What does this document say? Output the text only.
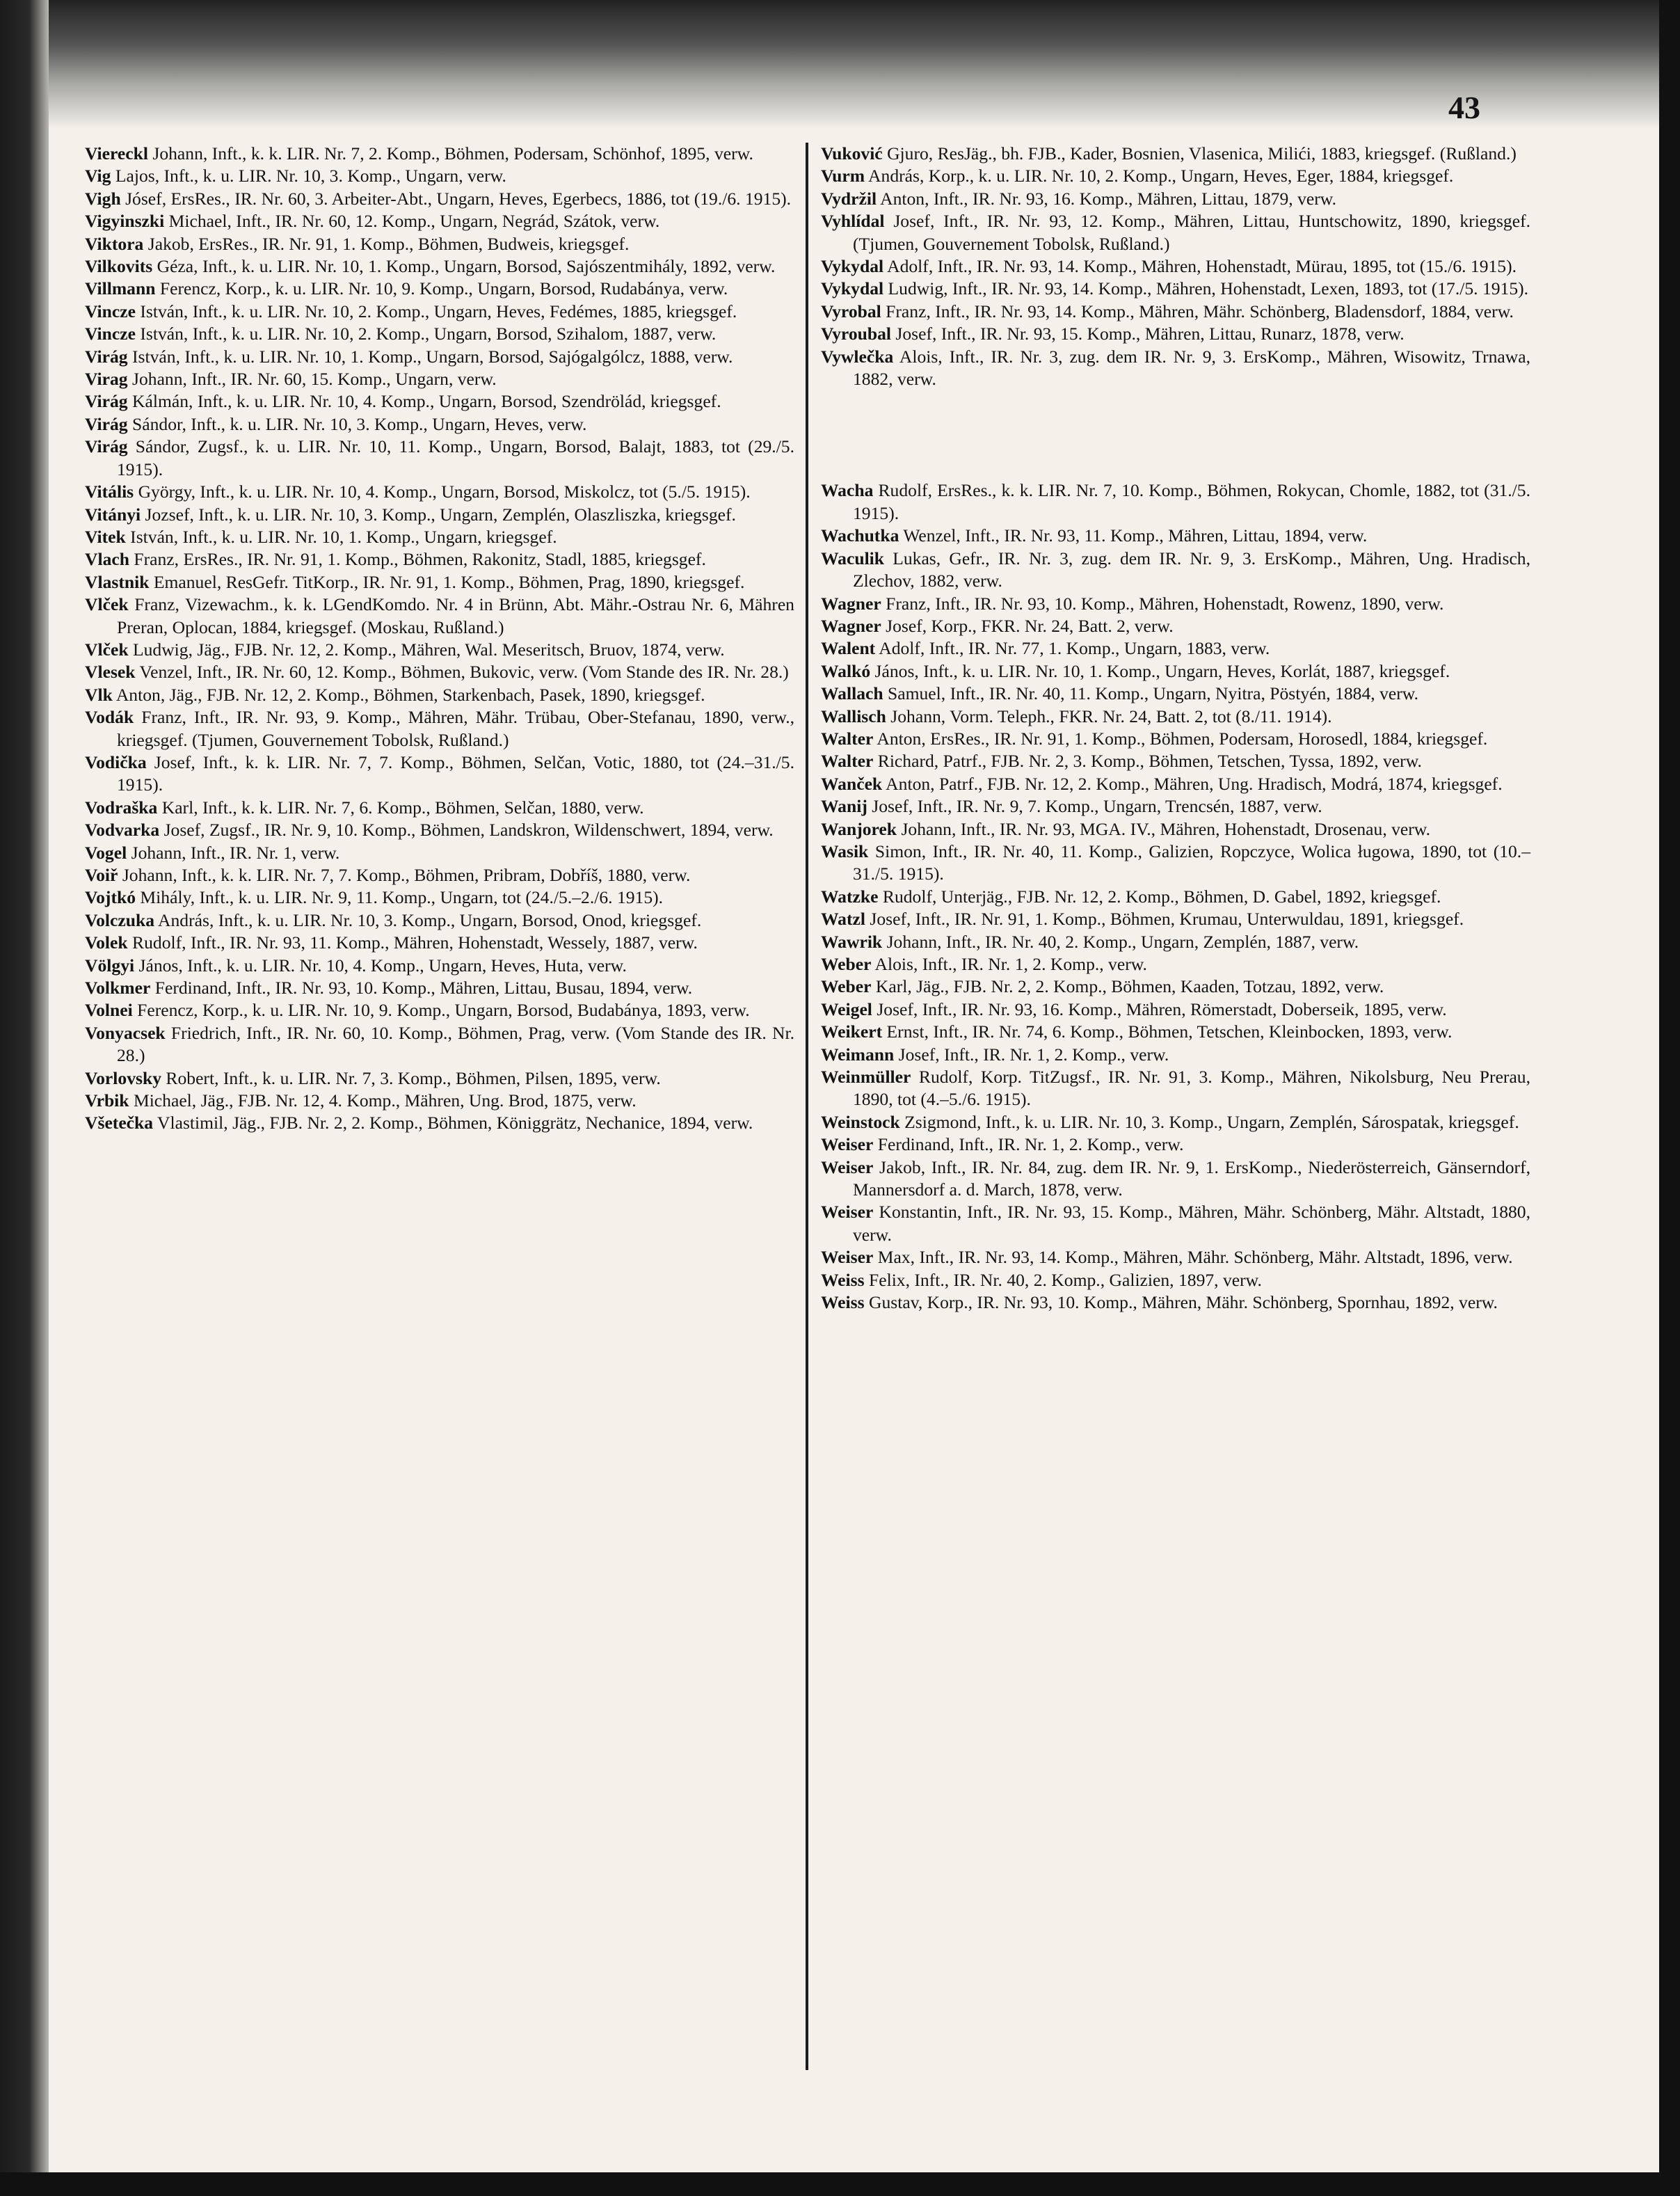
43

Viereckl Johann, Inft., k. k. LIR. Nr. 7, 2. Komp., Böhmen, Podersam, Schönhof, 1895, verw.

Vig Lajos, Inft., k. u. LIR. Nr. 10, 3. Komp., Ungarn, verw.

Vigh Jósef, ErsRes., IR. Nr. 60, 3. Arbeiter-Abt., Ungarn, Heves, Egerbecs, 1886, tot (19./6. 1915).

Vigyinszki Michael, Inft., IR. Nr. 60, 12. Komp., Ungarn, Negrád, Szátok, verw.

Viktora Jakob, ErsRes., IR. Nr. 91, 1. Komp., Böhmen, Budweis, kriegsgef.

Vilkovits Géza, Inft., k. u. LIR. Nr. 10, 1. Komp., Ungarn, Borsod, Sajószentmihály, 1892, verw.

Villmann Ferencz, Korp., k. u. LIR. Nr. 10, 9. Komp., Ungarn, Borsod, Rudabánya, verw.

Vincze István, Inft., k. u. LIR. Nr. 10, 2. Komp., Ungarn, Heves, Fedémes, 1885, kriegsgef.

Vincze István, Inft., k. u. LIR. Nr. 10, 2. Komp., Ungarn, Borsod, Szihalom, 1887, verw.

Virág István, Inft., k. u. LIR. Nr. 10, 1. Komp., Ungarn, Borsod, Sajógalgólcz, 1888, verw.

Virag Johann, Inft., IR. Nr. 60, 15. Komp., Ungarn, verw.

Virág Kálmán, Inft., k. u. LIR. Nr. 10, 4. Komp., Ungarn, Borsod, Szendrölád, kriegsgef.

Virág Sándor, Inft., k. u. LIR. Nr. 10, 3. Komp., Ungarn, Heves, verw.

Virág Sándor, Zugsf., k. u. LIR. Nr. 10, 11. Komp., Ungarn, Borsod, Balajt, 1883, tot (29./5. 1915).

Vitális György, Inft., k. u. LIR. Nr. 10, 4. Komp., Ungarn, Borsod, Miskolcz, tot (5./5. 1915).

Vitányi Jozsef, Inft., k. u. LIR. Nr. 10, 3. Komp., Ungarn, Zemplén, Olaszliszka, kriegsgef.

Vitek István, Inft., k. u. LIR. Nr. 10, 1. Komp., Ungarn, kriegsgef.

Vlach Franz, ErsRes., IR. Nr. 91, 1. Komp., Böhmen, Rakonitz, Stadl, 1885, kriegsgef.

Vlastnik Emanuel, ResGefr. TitKorp., IR. Nr. 91, 1. Komp., Böhmen, Prag, 1890, kriegsgef.

Vlček Franz, Vizewachm., k. k. LGendKomdo. Nr. 4 in Brünn, Abt. Mähr.-Ostrau Nr. 6, Mähren Preran, Oplocan, 1884, kriegsgef. (Moskau, Rußland.)

Vlček Ludwig, Jäg., FJB. Nr. 12, 2. Komp., Mähren, Wal. Meseritsch, Bruov, 1874, verw.

Vlesek Venzel, Inft., IR. Nr. 60, 12. Komp., Böhmen, Bukovic, verw. (Vom Stande des IR. Nr. 28.)

Vlk Anton, Jäg., FJB. Nr. 12, 2. Komp., Böhmen, Starkenbach, Pasek, 1890, kriegsgef.

Vodák Franz, Inft., IR. Nr. 93, 9. Komp., Mähren, Mähr. Trübau, Ober-Stefanau, 1890, verw., kriegsgef. (Tjumen, Gouvernement Tobolsk, Rußland.)

Vodička Josef, Inft., k. k. LIR. Nr. 7, 7. Komp., Böhmen, Selčan, Votic, 1880, tot (24.–31./5. 1915).

Vodraška Karl, Inft., k. k. LIR. Nr. 7, 6. Komp., Böhmen, Selčan, 1880, verw.

Vodvarka Josef, Zugsf., IR. Nr. 9, 10. Komp., Böhmen, Landskron, Wildenschwert, 1894, verw.

Vogel Johann, Inft., IR. Nr. 1, verw.

Voiř Johann, Inft., k. k. LIR. Nr. 7, 7. Komp., Böhmen, Pribram, Dobříš, 1880, verw.

Vojtkó Mihály, Inft., k. u. LIR. Nr. 9, 11. Komp., Ungarn, tot (24./5.–2./6. 1915).

Volczuka András, Inft., k. u. LIR. Nr. 10, 3. Komp., Ungarn, Borsod, Onod, kriegsgef.

Volek Rudolf, Inft., IR. Nr. 93, 11. Komp., Mähren, Hohenstadt, Wessely, 1887, verw.

Völgyi János, Inft., k. u. LIR. Nr. 10, 4. Komp., Ungarn, Heves, Huta, verw.

Volkmer Ferdinand, Inft., IR. Nr. 93, 10. Komp., Mähren, Littau, Busau, 1894, verw.

Volnei Ferencz, Korp., k. u. LIR. Nr. 10, 9. Komp., Ungarn, Borsod, Budabánya, 1893, verw.

Vonyacsek Friedrich, Inft., IR. Nr. 60, 10. Komp., Böhmen, Prag, verw. (Vom Stande des IR. Nr. 28.)

Vorlovsky Robert, Inft., k. u. LIR. Nr. 7, 3. Komp., Böhmen, Pilsen, 1895, verw.

Vrbik Michael, Jäg., FJB. Nr. 12, 4. Komp., Mähren, Ung. Brod, 1875, verw.

Všetečka Vlastimil, Jäg., FJB. Nr. 2, 2. Komp., Böhmen, Königgrätz, Nechanice, 1894, verw.

Vuković Gjuro, ResJäg., bh. FJB., Kader, Bosnien, Vlasenica, Milići, 1883, kriegsgef. (Rußland.)

Vurm András, Korp., k. u. LIR. Nr. 10, 2. Komp., Ungarn, Heves, Eger, 1884, kriegsgef.

Vydržil Anton, Inft., IR. Nr. 93, 16. Komp., Mähren, Littau, 1879, verw.

Vyhlídal Josef, Inft., IR. Nr. 93, 12. Komp., Mähren, Littau, Huntschowitz, 1890, kriegsgef. (Tjumen, Gouvernement Tobolsk, Rußland.)

Vykydal Adolf, Inft., IR. Nr. 93, 14. Komp., Mähren, Hohenstadt, Mürau, 1895, tot (15./6. 1915).

Vykydal Ludwig, Inft., IR. Nr. 93, 14. Komp., Mähren, Hohenstadt, Lexen, 1893, tot (17./5. 1915).

Vyrobal Franz, Inft., IR. Nr. 93, 14. Komp., Mähren, Mähr. Schönberg, Bladensdorf, 1884, verw.

Vyroubal Josef, Inft., IR. Nr. 93, 15. Komp., Mähren, Littau, Runarz, 1878, verw.

Vywlečka Alois, Inft., IR. Nr. 3, zug. dem IR. Nr. 9, 3. ErsKomp., Mähren, Wisowitz, Trnawa, 1882, verw.

Wacha Rudolf, ErsRes., k. k. LIR. Nr. 7, 10. Komp., Böhmen, Rokycan, Chomle, 1882, tot (31./5. 1915).

Wachutka Wenzel, Inft., IR. Nr. 93, 11. Komp., Mähren, Littau, 1894, verw.

Waculik Lukas, Gefr., IR. Nr. 3, zug. dem IR. Nr. 9, 3. ErsKomp., Mähren, Ung. Hradisch, Zlechov, 1882, verw.

Wagner Franz, Inft., IR. Nr. 93, 10. Komp., Mähren, Hohenstadt, Rowenz, 1890, verw.

Wagner Josef, Korp., FKR. Nr. 24, Batt. 2, verw.

Walent Adolf, Inft., IR. Nr. 77, 1. Komp., Ungarn, 1883, verw.

Walkó János, Inft., k. u. LIR. Nr. 10, 1. Komp., Ungarn, Heves, Korlát, 1887, kriegsgef.

Wallach Samuel, Inft., IR. Nr. 40, 11. Komp., Ungarn, Nyitra, Pöstyén, 1884, verw.

Wallisch Johann, Vorm. Teleph., FKR. Nr. 24, Batt. 2, tot (8./11. 1914).

Walter Anton, ErsRes., IR. Nr. 91, 1. Komp., Böhmen, Podersam, Horosedl, 1884, kriegsgef.

Walter Richard, Patrf., FJB. Nr. 2, 3. Komp., Böhmen, Tetschen, Tyssa, 1892, verw.

Wanček Anton, Patrf., FJB. Nr. 12, 2. Komp., Mähren, Ung. Hradisch, Modrá, 1874, kriegsgef.

Wanij Josef, Inft., IR. Nr. 9, 7. Komp., Ungarn, Trencsén, 1887, verw.

Wanjorek Johann, Inft., IR. Nr. 93, MGA. IV., Mähren, Hohenstadt, Drosenau, verw.

Wasik Simon, Inft., IR. Nr. 40, 11. Komp., Galizien, Ropczyce, Wolica ługowa, 1890, tot (10.–31./5. 1915).

Watzke Rudolf, Unterjäg., FJB. Nr. 12, 2. Komp., Böhmen, D. Gabel, 1892, kriegsgef.

Watzl Josef, Inft., IR. Nr. 91, 1. Komp., Böhmen, Krumau, Unterwuldau, 1891, kriegsgef.

Wawrik Johann, Inft., IR. Nr. 40, 2. Komp., Ungarn, Zemplén, 1887, verw.

Weber Alois, Inft., IR. Nr. 1, 2. Komp., verw.

Weber Karl, Jäg., FJB. Nr. 2, 2. Komp., Böhmen, Kaaden, Totzau, 1892, verw.

Weigel Josef, Inft., IR. Nr. 93, 16. Komp., Mähren, Römerstadt, Doberseik, 1895, verw.

Weikert Ernst, Inft., IR. Nr. 74, 6. Komp., Böhmen, Tetschen, Kleinbocken, 1893, verw.

Weimann Josef, Inft., IR. Nr. 1, 2. Komp., verw.

Weinmüller Rudolf, Korp. TitZugsf., IR. Nr. 91, 3. Komp., Mähren, Nikolsburg, Neu Prerau, 1890, tot (4.–5./6. 1915).

Weinstock Zsigmond, Inft., k. u. LIR. Nr. 10, 3. Komp., Ungarn, Zemplén, Sárospatak, kriegsgef.

Weiser Ferdinand, Inft., IR. Nr. 1, 2. Komp., verw.

Weiser Jakob, Inft., IR. Nr. 84, zug. dem IR. Nr. 9, 1. ErsKomp., Niederösterreich, Gänserndorf, Mannersdorf a. d. March, 1878, verw.

Weiser Konstantin, Inft., IR. Nr. 93, 15. Komp., Mähren, Mähr. Schönberg, Mähr. Altstadt, 1880, verw.

Weiser Max, Inft., IR. Nr. 93, 14. Komp., Mähren, Mähr. Schönberg, Mähr. Altstadt, 1896, verw.

Weiss Felix, Inft., IR. Nr. 40, 2. Komp., Galizien, 1897, verw.

Weiss Gustav, Korp., IR. Nr. 93, 10. Komp., Mähren, Mähr. Schönberg, Spornhau, 1892, verw.
